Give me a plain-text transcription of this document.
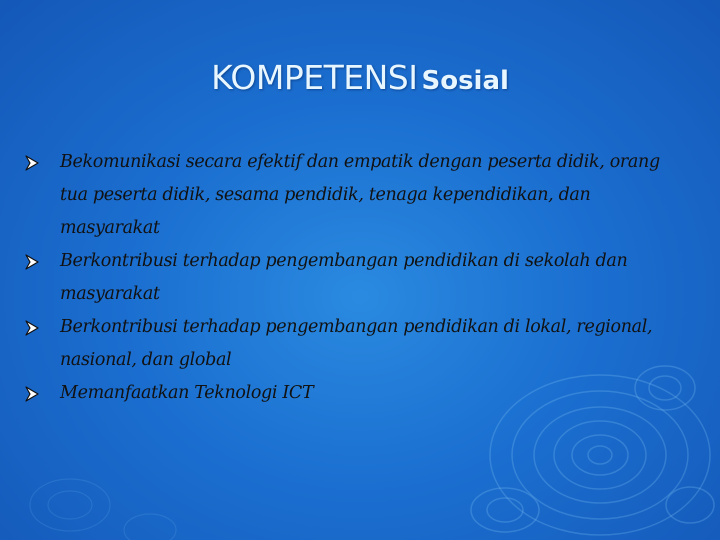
KOMPETENSI Sosial
Bekomunikasi secara efektif dan empatik dengan peserta didik, orang tua peserta didik, sesama pendidik, tenaga kependidikan, dan masyarakat
Berkontribusi terhadap pengembangan pendidikan di sekolah dan masyarakat
Berkontribusi terhadap pengembangan pendidikan di lokal, regional, nasional, dan global
Memanfaatkan Teknologi ICT
